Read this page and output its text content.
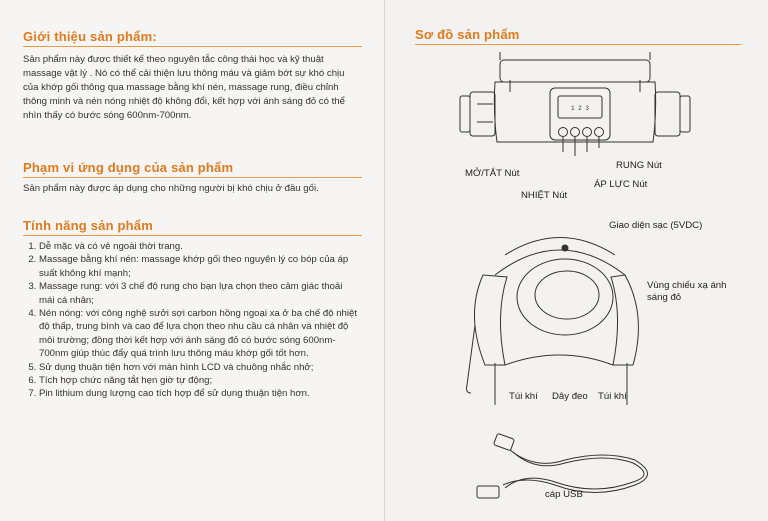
Giới thiệu sản phẩm:
Sản phẩm này được thiết kế theo nguyên tắc công thái học và kỹ thuật massage vật lý . Nó có thể cải thiện lưu thông máu và giảm bớt sự khó chịu của khớp gối thông qua massage bằng khí nén, massage rung, điều chỉnh thông minh và nén nóng nhiệt độ không đổi, kết hợp với ánh sáng đỏ có thể nhìn thấy có bước sóng 600nm-700nm.
Phạm vi ứng dụng của sản phẩm
Sản phẩm này được áp dụng cho những người bị khó chịu ở đầu gối.
Tính năng sản phẩm
1. Dễ mặc và có vẻ ngoài thời trang.
2. Massage bằng khí nén: massage khớp gối theo nguyên lý co bóp của áp suất không khí mạnh;
3. Massage rung: với 3 chế độ rung cho bạn lựa chọn theo cảm giác thoải mái cá nhân;
4. Nén nóng: với công nghệ sưởi sợi carbon hồng ngoại xa ở ba chế độ nhiệt độ thấp, trung bình và cao để lựa chọn theo nhu cầu cá nhân và nhiệt độ môi trường; đồng thời kết hợp với ánh sáng đỏ có bước sóng 600nm-700nm giúp thúc đẩy quá trình lưu thông máu khớp gối tốt hơn.
5. Sử dụng thuận tiện hơn với màn hình LCD và chuông nhắc nhở;
6. Tích hợp chức năng tắt hẹn giờ tự động;
7. Pin lithium dung lượng cao tích hợp để sử dụng thuận tiện hơn.
Sơ đồ sản phẩm
1 2 3
MỞ/TẮT Nút
NHIỆT Nút
RUNG Nút
ÁP LỰC Nút
Giao diện sạc (5VDC)
Vùng chiếu xạ ánh sáng đỏ
Túi khí Dây đeo Túi khí
cáp USB
